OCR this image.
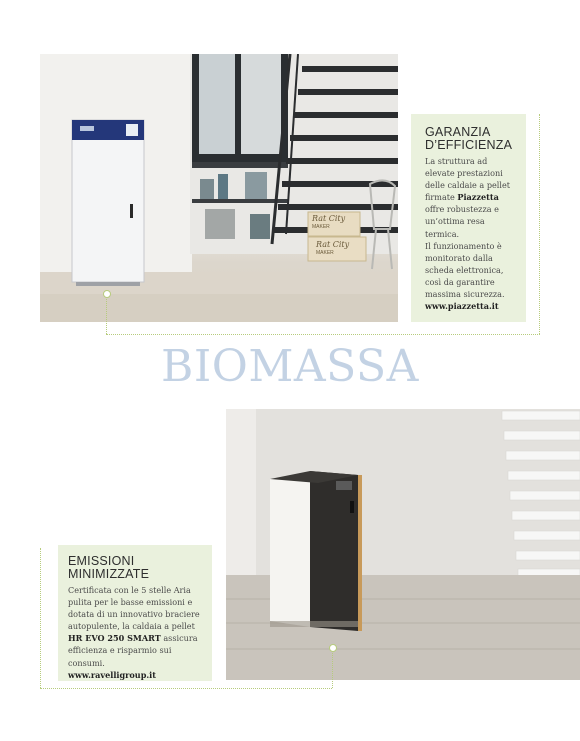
Rat City
MAKER
Rat City
MAKER
GARANZIA D’EFFICIENZA

La struttura ad elevate prestazioni delle caldaie a pellet firmate Piazzetta offre robustezza e un’ottima resa termica.
Il funzionamento è monitorato dalla scheda elettronica, così da garantire massima sicurezza.
www.piazzetta.it

BIOMASSA
EMISSIONI MINIMIZZATE

Certificata con le 5 stelle Aria pulita per le basse emissioni e dotata di un innovativo braciere autopulente, la caldaia a pellet HR EVO 250 SMART assicura efficienza e risparmio sui consumi.
www.ravelligroup.it
